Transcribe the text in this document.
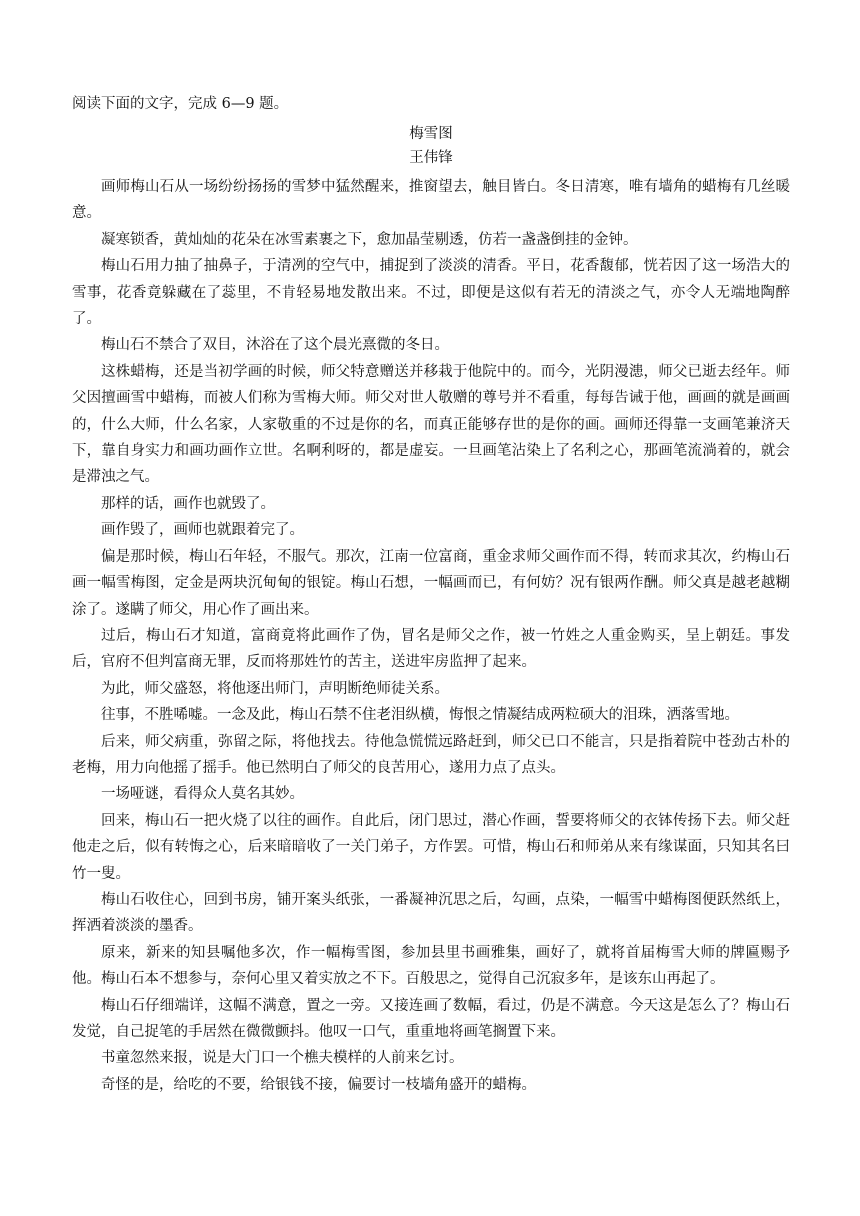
阅读下面的文字，完成 6—9 题。

梅雪图

王伟锋

画师梅山石从一场纷纷扬扬的雪梦中猛然醒来，推窗望去，触目皆白。冬日清寒，唯有墙角的蜡梅有几丝暖意。

凝寒锁香，黄灿灿的花朵在冰雪素裹之下，愈加晶莹剔透，仿若一盏盏倒挂的金钟。

梅山石用力抽了抽鼻子，于清冽的空气中，捕捉到了淡淡的清香。平日，花香馥郁，恍若因了这一场浩大的雪事，花香竟躲藏在了蕊里，不肯轻易地发散出来。不过，即便是这似有若无的清淡之气，亦令人无端地陶醉了。

梅山石不禁合了双目，沐浴在了这个晨光熹微的冬日。

这株蜡梅，还是当初学画的时候，师父特意赠送并移栽于他院中的。而今，光阴漫漶，师父已逝去经年。师父因擅画雪中蜡梅，而被人们称为雪梅大师。师父对世人敬赠的尊号并不看重，每每告诫于他，画画的就是画画的，什么大师，什么名家，人家敬重的不过是你的名，而真正能够存世的是你的画。画师还得靠一支画笔兼济天下，靠自身实力和画功画作立世。名啊利呀的，都是虚妄。一旦画笔沾染上了名利之心，那画笔流淌着的，就会是滞浊之气。

那样的话，画作也就毁了。

画作毁了，画师也就跟着完了。

偏是那时候，梅山石年轻，不服气。那次，江南一位富商，重金求师父画作而不得，转而求其次，约梅山石画一幅雪梅图，定金是两块沉甸甸的银锭。梅山石想，一幅画而已，有何妨？况有银两作酬。师父真是越老越糊涂了。遂瞒了师父，用心作了画出来。

过后，梅山石才知道，富商竟将此画作了伪，冒名是师父之作，被一竹姓之人重金购买，呈上朝廷。事发后，官府不但判富商无罪，反而将那姓竹的苦主，送进牢房监押了起来。

为此，师父盛怒，将他逐出师门，声明断绝师徒关系。

往事，不胜唏嘘。一念及此，梅山石禁不住老泪纵横，悔恨之情凝结成两粒硕大的泪珠，洒落雪地。

后来，师父病重，弥留之际，将他找去。待他急慌慌远路赶到，师父已口不能言，只是指着院中苍劲古朴的老梅，用力向他摇了摇手。他已然明白了师父的良苦用心，遂用力点了点头。

一场哑谜，看得众人莫名其妙。

回来，梅山石一把火烧了以往的画作。自此后，闭门思过，潜心作画，誓要将师父的衣钵传扬下去。师父赶他走之后，似有转悔之心，后来暗暗收了一关门弟子，方作罢。可惜，梅山石和师弟从来有缘谋面，只知其名曰竹一叟。

梅山石收住心，回到书房，铺开案头纸张，一番凝神沉思之后，勾画，点染，一幅雪中蜡梅图便跃然纸上，挥洒着淡淡的墨香。

原来，新来的知县嘱他多次，作一幅梅雪图，参加县里书画雅集，画好了，就将首届梅雪大师的牌匾赐予他。梅山石本不想参与，奈何心里又着实放之不下。百般思之，觉得自己沉寂多年，是该东山再起了。

梅山石仔细端详，这幅不满意，置之一旁。又接连画了数幅，看过，仍是不满意。今天这是怎么了？梅山石发觉，自己捉笔的手居然在微微颤抖。他叹一口气，重重地将画笔搁置下来。

书童忽然来报，说是大门口一个樵夫模样的人前来乞讨。

奇怪的是，给吃的不要，给银钱不接，偏要讨一枝墙角盛开的蜡梅。
